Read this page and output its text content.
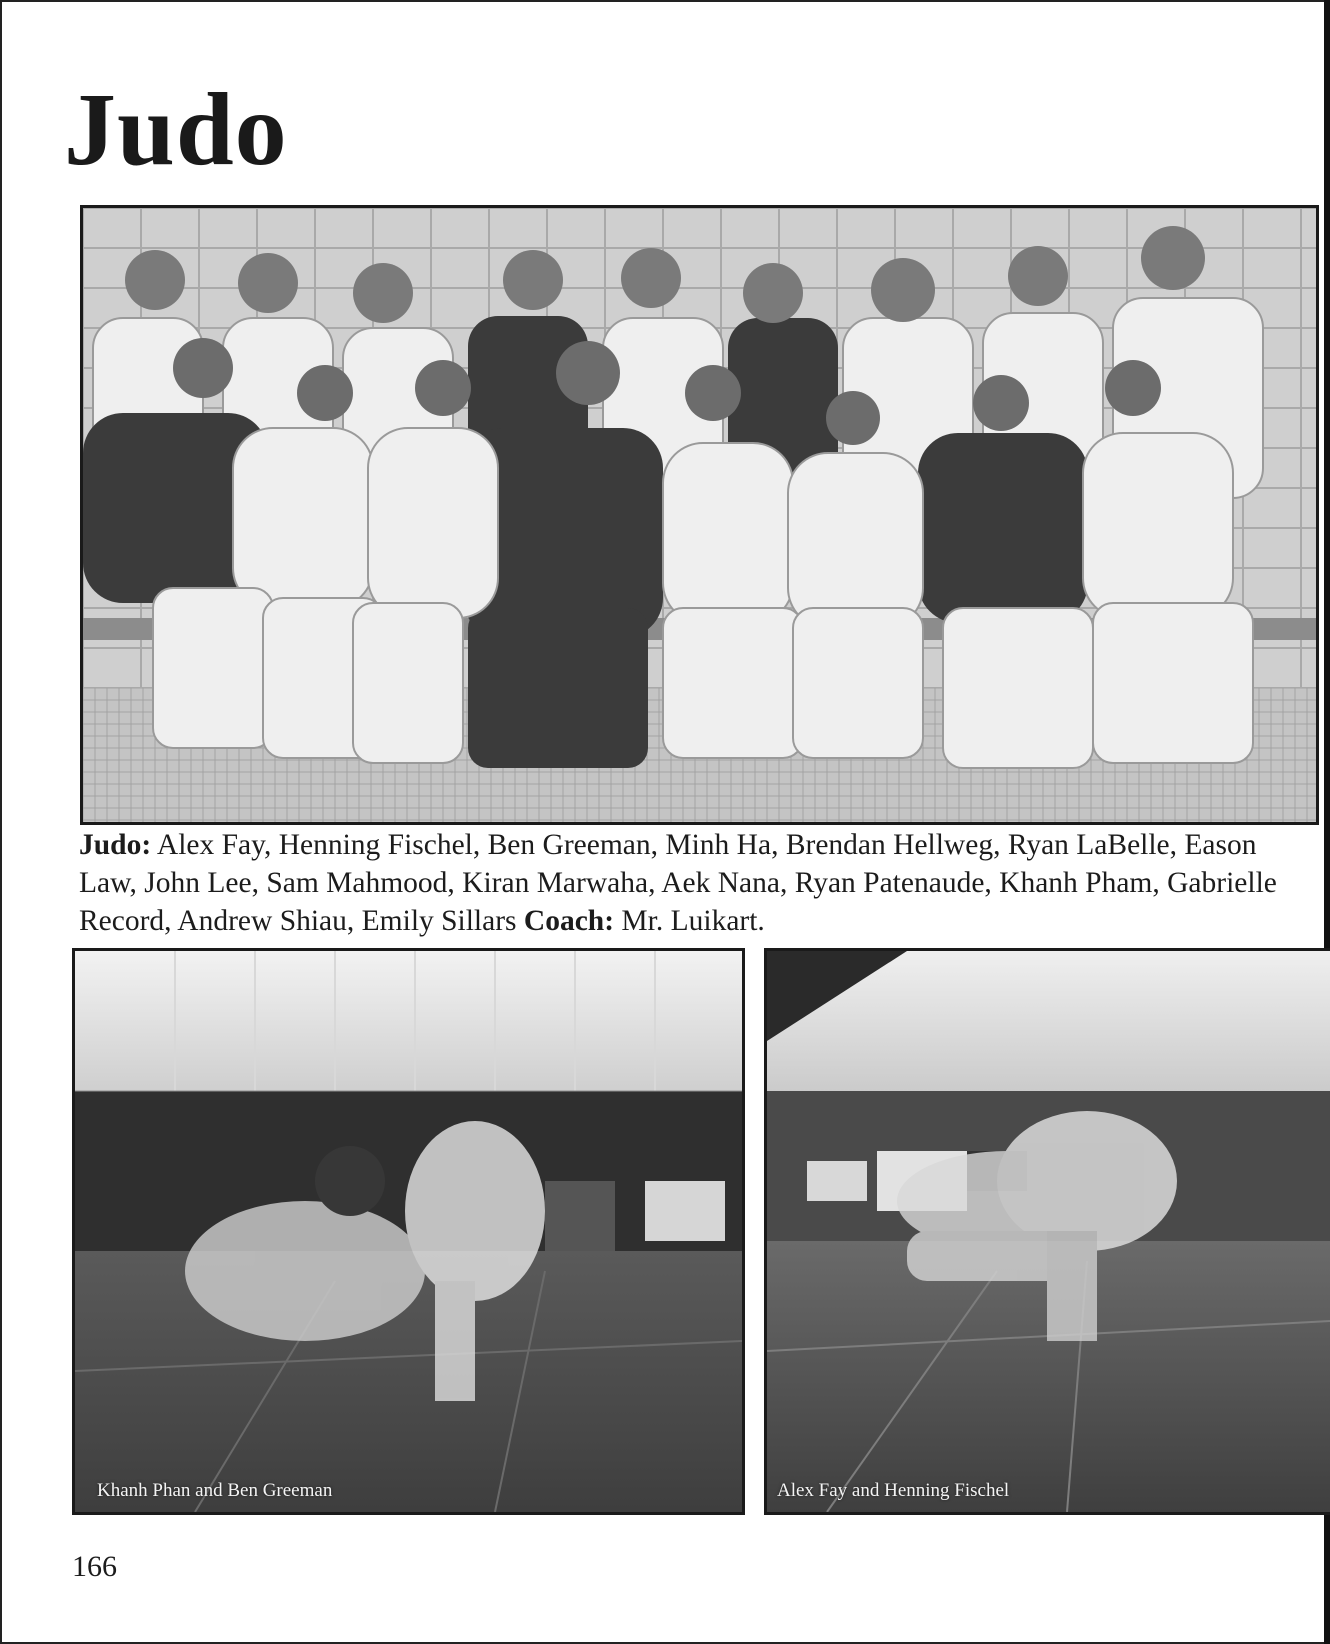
Judo

Judo: Alex Fay, Henning Fischel, Ben Greeman, Minh Ha, Brendan Hellweg, Ryan LaBelle, Eason Law, John Lee, Sam Mahmood, Kiran Marwaha, Aek Nana, Ryan Patenaude, Khanh Pham, Gabrielle Record, Andrew Shiau, Emily Sillars Coach: Mr. Luikart.

Khanh Phan and Ben Greeman	Alex Fay and Henning Fischel
166
